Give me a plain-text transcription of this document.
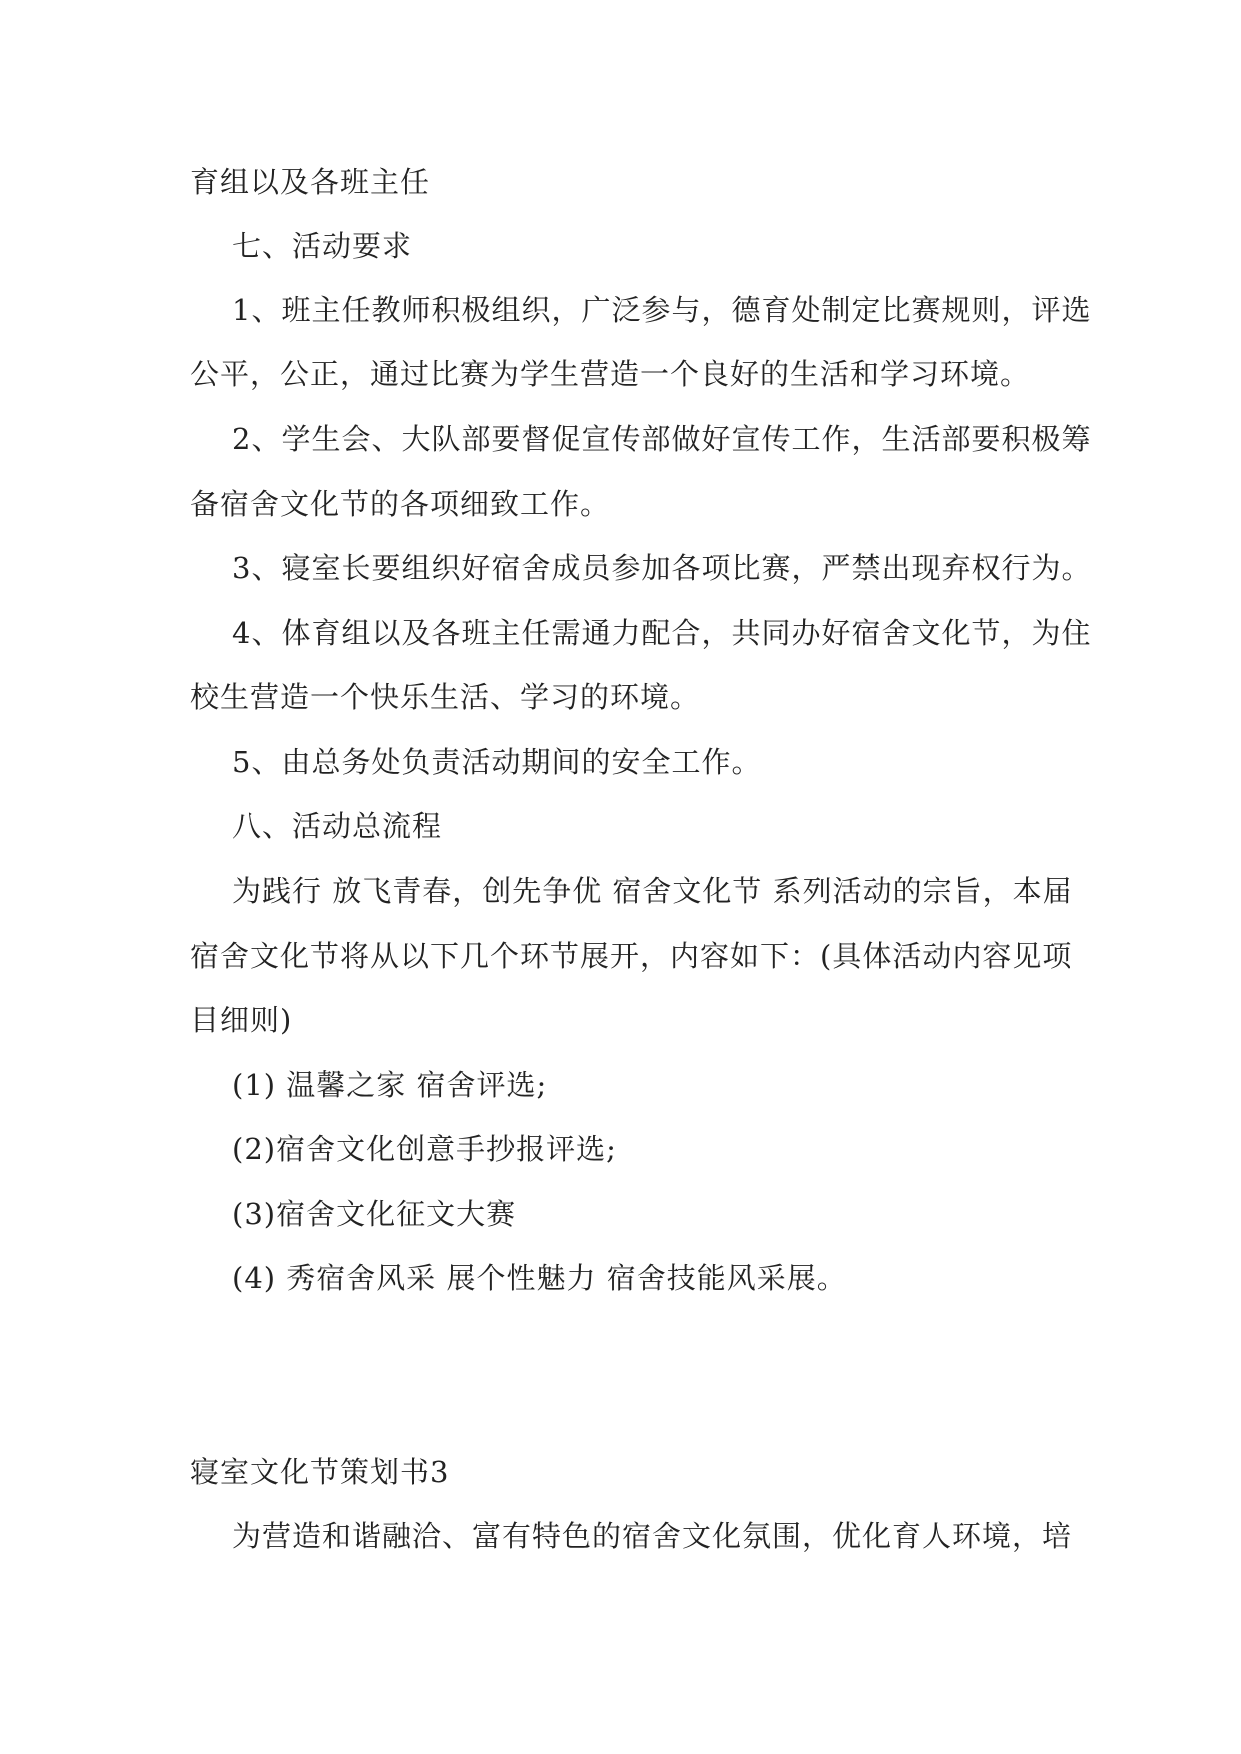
育组以及各班主任
七、活动要求
1、班主任教师积极组织，广泛参与，德育处制定比赛规则，评选
公平，公正，通过比赛为学生营造一个良好的生活和学习环境。
2、学生会、大队部要督促宣传部做好宣传工作，生活部要积极筹
备宿舍文化节的各项细致工作。
3、寝室长要组织好宿舍成员参加各项比赛，严禁出现弃权行为。
4、体育组以及各班主任需通力配合，共同办好宿舍文化节，为住
校生营造一个快乐生活、学习的环境。
5、由总务处负责活动期间的安全工作。
八、活动总流程
为践行 放飞青春，创先争优 宿舍文化节 系列活动的宗旨，本届
宿舍文化节将从以下几个环节展开，内容如下：(具体活动内容见项
目细则)
(1) 温馨之家 宿舍评选;
(2)宿舍文化创意手抄报评选;
(3)宿舍文化征文大赛
(4) 秀宿舍风采 展个性魅力 宿舍技能风采展。
寝室文化节策划书3
为营造和谐融洽、富有特色的宿舍文化氛围，优化育人环境，培
